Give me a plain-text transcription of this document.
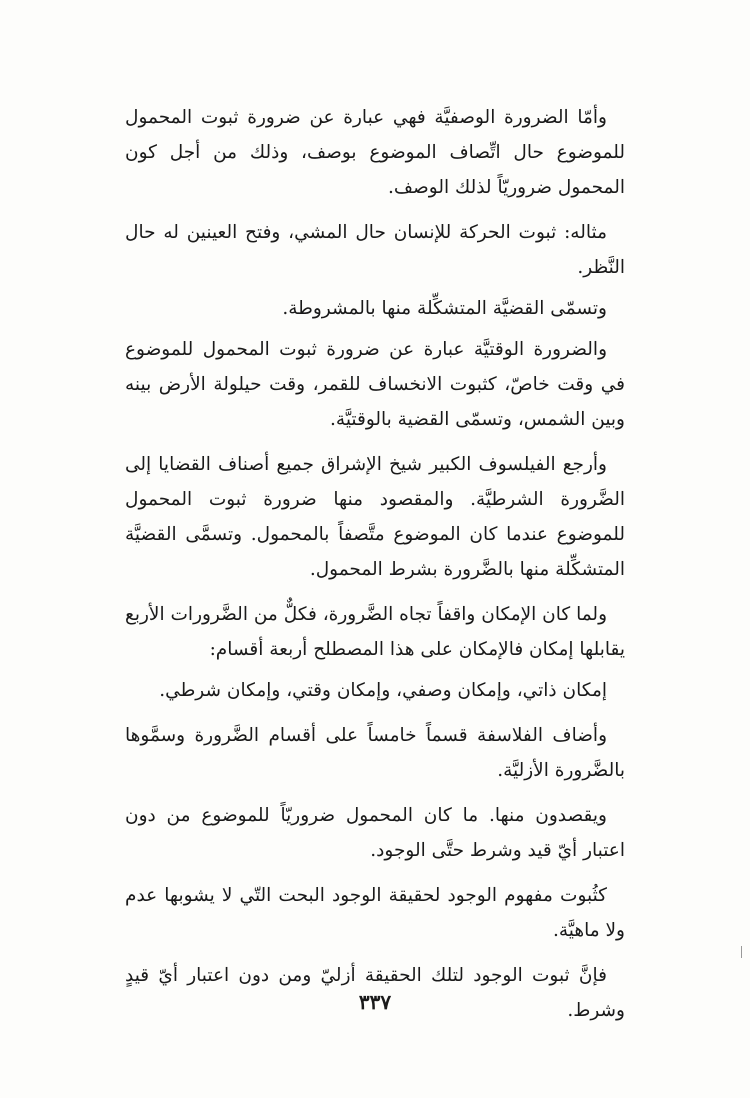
وأمّا الضرورة الوصفيَّة فهي عبارة عن ضرورة ثبوت المحمول للموضوع حال اتِّصاف الموضوع بوصف، وذلك من أجل كون المحمول ضروريّاً لذلك الوصف.

مثاله: ثبوت الحركة للإنسان حال المشي، وفتح العينين له حال النَّظر.

وتسمّى القضيَّة المتشكِّلة منها بالمشروطة.

والضرورة الوقتيَّة عبارة عن ضرورة ثبوت المحمول للموضوع في وقت خاصّ، كثبوت الانخساف للقمر، وقت حيلولة الأرض بينه وبين الشمس، وتسمّى القضية بالوقتيَّة.

وأرجع الفيلسوف الكبير شيخ الإشراق جميع أصناف القضايا إلى الضَّرورة الشرطيَّة. والمقصود منها ضرورة ثبوت المحمول للموضوع عندما كان الموضوع متَّصفاً بالمحمول. وتسمَّى القضيَّة المتشكِّلة منها بالضَّرورة بشرط المحمول.

ولما كان الإمكان واقفاً تجاه الضَّرورة، فكلٌّ من الضَّرورات الأربع يقابلها إمكان فالإمكان على هذا المصطلح أربعة أقسام:

إمكان ذاتي، وإمكان وصفي، وإمكان وقتي، وإمكان شرطي.

وأضاف الفلاسفة قسماً خامساً على أقسام الضَّرورة وسمَّوها بالضَّرورة الأزليَّة.

ويقصدون منها. ما كان المحمول ضروريّاً للموضوع من دون اعتبار أيّ قيد وشرط حتَّى الوجود.

كثُبوت مفهوم الوجود لحقيقة الوجود البحت التّي لا يشوبها عدم ولا ماهيَّة.

فإنَّ ثبوت الوجود لتلك الحقيقة أزليّ ومن دون اعتبار أيّ قيدٍ وشرط.

٣٣٧
